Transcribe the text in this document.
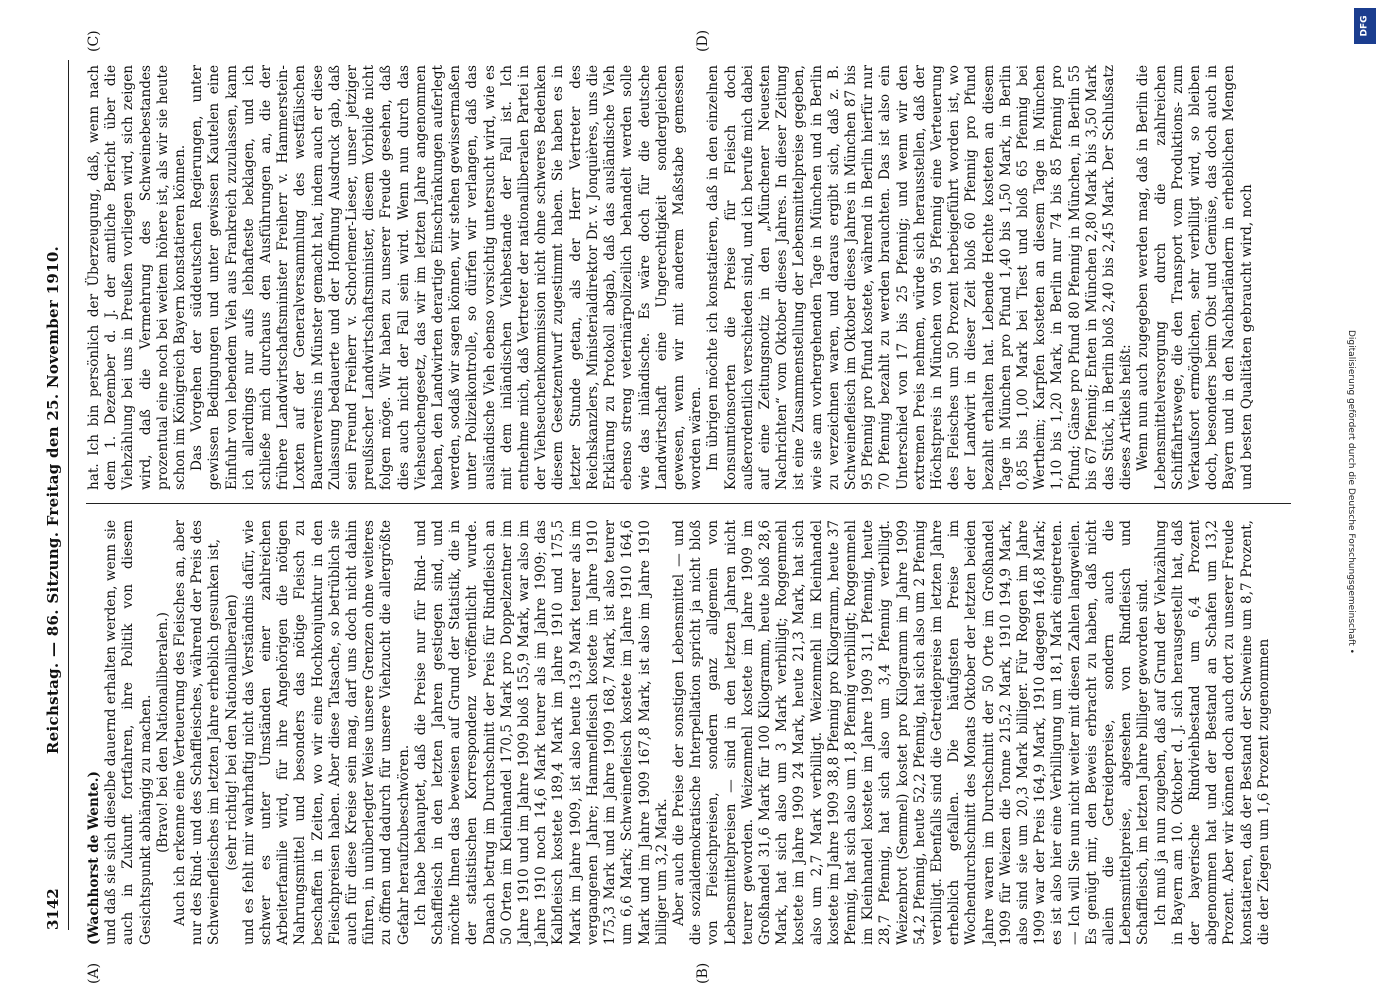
3142
Reichstag. — 86. Sitzung. Freitag den 25. November 1910.
(A)	(B)
(C)	(D)

(Wachhorst de Wente.) und daß sie sich dieselbe dauernd erhalten werden, wenn sie auch in Zukunft fortfahren, ihre Politik von diesem Gesichtspunkt abhängig zu machen. (Bravo! bei den Nationalliberalen.) Auch ich erkenne eine Verteuerung des Fleisches an, aber nur des Rind- und des Schaffleisches, während der Preis des Schweinefleisches im letzten Jahre erheblich gesunken ist, (sehr richtig! bei den Nationalliberalen) und es fehlt mir wahrhaftig nicht das Verständnis dafür, wie schwer es unter Umständen einer zahlreichen Arbeiterfamilie wird, für ihre Angehörigen die nötigen Nahrungsmittel und besonders das nötige Fleisch zu beschaffen in Zeiten, wo wir eine Hochkonjunktur in den Fleischpreisen haben. Aber diese Tatsache, so betrüblich sie auch für diese Kreise sein mag, darf uns doch nicht dahin führen, in unüberlegter Weise unsere Grenzen ohne weiteres zu öffnen und dadurch für unsere Viehzucht die allergrößte Gefahr heraufzubeschwören. Ich habe behauptet, daß die Preise nur für Rind- und Schaffleisch in den letzten Jahren gestiegen sind, und möchte Ihnen das beweisen auf Grund der Statistik, die in der statistischen Korrespondenz veröffentlicht wurde. Danach betrug im Durchschnitt der Preis für Rindfleisch an 50 Orten im Kleinhandel 170,5 Mark pro Doppelzentner im Jahre 1910 und im Jahre 1909 bloß 155,9 Mark, war also im Jahre 1910 noch 14,6 Mark teurer als im Jahre 1909; das Kalbfleisch kostete 189,4 Mark im Jahre 1910 und 175,5 Mark im Jahre 1909, ist also heute 13,9 Mark teurer als im vergangenen Jahre; Hammelfleisch kostete im Jahre 1910 175,3 Mark und im Jahre 1909 168,7 Mark, ist also teurer um 6,6 Mark; Schweinefleisch kostete im Jahre 1910 164,6 Mark und im Jahre 1909 167,8 Mark, ist also im Jahre 1910 billiger um 3,2 Mark. Aber auch die Preise der sonstigen Lebensmittel — und die sozialdemokratische Interpellation spricht ja nicht bloß von Fleischpreisen, sondern ganz allgemein von Lebensmittelpreisen — sind in den letzten Jahren nicht teurer geworden. Weizenmehl kostete im Jahre 1909 im Großhandel 31,6 Mark für 100 Kilogramm, heute bloß 28,6 Mark, hat sich also um 3 Mark verbilligt; Roggenmehl kostete im Jahre 1909 24 Mark, heute 21,3 Mark, hat sich also um 2,7 Mark verbilligt. Weizenmehl im Kleinhandel kostete im Jahre 1909 38,8 Pfennig pro Kilogramm, heute 37 Pfennig, hat sich also um 1,8 Pfennig verbilligt; Roggenmehl im Kleinhandel kostete im Jahre 1909 31,1 Pfennig, heute 28,7 Pfennig, hat sich also um 3,4 Pfennig verbilligt. Weizenbrot (Semmel) kostet pro Kilogramm im Jahre 1909 54,2 Pfennig, heute 52,2 Pfennig, hat sich also um 2 Pfennig verbilligt. Ebenfalls sind die Getreidepreise im letzten Jahre erheblich gefallen. Die häufigsten Preise im Wochendurchschnitt des Monats Oktober der letzten beiden Jahre waren im Durchschnitt der 50 Orte im Großhandel 1909 für Weizen die Tonne 215,2 Mark, 1910 194,9 Mark, also sind sie um 20,3 Mark billiger. Für Roggen im Jahre 1909 war der Preis 164,9 Mark, 1910 dagegen 146,8 Mark; es ist also hier eine Verbilligung um 18,1 Mark eingetreten. — Ich will Sie nun nicht weiter mit diesen Zahlen langweilen. Es genügt mir, den Beweis erbracht zu haben, daß nicht allein die Getreidepreise, sondern auch die Lebensmittelpreise, abgesehen von Rindfleisch und Schaffleisch, im letzten Jahre billiger geworden sind. Ich muß ja nun zugeben, daß auf Grund der Viehzählung in Bayern am 10. Oktober d. J. sich herausgestellt hat, daß der bayerische Rindviehbestand um 6,4 Prozent abgenommen hat und der Bestand an Schafen um 13,2 Prozent. Aber wir können doch auch dort zu unserer Freude konstatieren, daß der Bestand der Schweine um 8,7 Prozent, die der Ziegen um 1,6 Prozent zugenommen

hat. Ich bin persönlich der Überzeugung, daß, wenn nach dem 1. Dezember d. J. der amtliche Bericht über die Viehzählung bei uns in Preußen vorliegen wird, sich zeigen wird, daß die Vermehrung des Schweinebestandes prozentual eine noch bei weitem höhere ist, als wir sie heute schon im Königreich Bayern konstatieren können. Das Vorgehen der süddeutschen Regierungen, unter gewissen Bedingungen und unter gewissen Kautelen eine Einfuhr von lebendem Vieh aus Frankreich zuzulassen, kann ich allerdings nur aufs lebhafteste beklagen, und ich schließe mich durchaus den Ausführungen an, die der frühere Landwirtschaftsminister Freiherr v. Hammerstein-Loxten auf der Generalversammlung des westfälischen Bauernvereins in Münster gemacht hat, indem auch er diese Zulassung bedauerte und der Hoffnung Ausdruck gab, daß sein Freund Freiherr v. Schorlemer-Lieser, unser jetziger preußischer Landwirtschaftsminister, diesem Vorbilde nicht folgen möge. Wir haben zu unserer Freude gesehen, daß dies auch nicht der Fall sein wird. Wenn nun durch das Viehseuchengesetz, das wir im letzten Jahre angenommen haben, den Landwirten derartige Einschränkungen auferlegt werden, sodaß wir sagen können, wir stehen gewissermaßen unter Polizeikontrolle, so dürfen wir verlangen, daß das ausländische Vieh ebenso vorsichtig untersucht wird, wie es mit dem inländischen Viehbestande der Fall ist. Ich entnehme mich, daß Vertreter der nationalliberalen Partei in der Viehseuchenkommission nicht ohne schweres Bedenken diesem Gesetzentwurf zugestimmt haben. Sie haben es in letzter Stunde getan, als der Herr Vertreter des Reichskanzlers, Ministerialdirektor Dr. v. Jonquières, uns die Erklärung zu Protokoll abgab, daß das ausländische Vieh ebenso streng veterinärpolizeilich behandelt werden solle wie das inländische. Es wäre doch für die deutsche Landwirtschaft eine Ungerechtigkeit sondergleichen gewesen, wenn wir mit anderem Maßstabe gemessen worden wären. Im übrigen möchte ich konstatieren, daß in den einzelnen Konsumtionsorten die Preise für Fleisch doch außerordentlich verschieden sind, und ich berufe mich dabei auf eine Zeitungsnotiz in den „Münchener Neuesten Nachrichten“ vom Oktober dieses Jahres. In dieser Zeitung ist eine Zusammenstellung der Lebensmittelpreise gegeben, wie sie am vorhergehenden Tage in München und in Berlin zu verzeichnen waren, und daraus ergibt sich, daß z. B. Schweinefleisch im Oktober dieses Jahres in München 87 bis 95 Pfennig pro Pfund kostete, während in Berlin hierfür nur 70 Pfennig bezahlt zu werden brauchten. Das ist also ein Unterschied von 17 bis 25 Pfennig; und wenn wir den extremen Preis nehmen, würde sich herausstellen, daß der Höchstpreis in München von 95 Pfennig eine Verteuerung des Fleisches um 50 Prozent herbeigeführt worden ist, wo der Landwirt in dieser Zeit bloß 60 Pfennig pro Pfund bezahlt erhalten hat. Lebende Hechte kosteten an diesem Tage in München pro Pfund 1,40 bis 1,50 Mark, in Berlin 0,85 bis 1,00 Mark bei Tiest und bloß 65 Pfennig bei Wertheim; Karpfen kosteten an diesem Tage in München 1,10 bis 1,20 Mark, in Berlin nur 74 bis 85 Pfennig pro Pfund; Gänse pro Pfund 80 Pfennig in München, in Berlin 55 bis 67 Pfennig; Enten in München 2,80 Mark bis 3,50 Mark das Stück, in Berlin bloß 2,40 bis 2,45 Mark. Der Schlußsatz dieses Artikels heißt: Wenn nun auch zugegeben werden mag, daß in Berlin die Lebensmittelversorgung durch die zahlreichen Schiffahrtswege, die den Transport vom Produktions- zum Verkaufsort ermöglichen, sehr verbilligt wird, so bleiben doch, besonders beim Obst und Gemüse, das doch auch in Bayern und in den Nachbarländern in erheblichen Mengen und besten Qualitäten gebraucht wird, noch	Digitalisierung gefördert durch die Deutsche Forschungsgemeinschaft •
DFG
